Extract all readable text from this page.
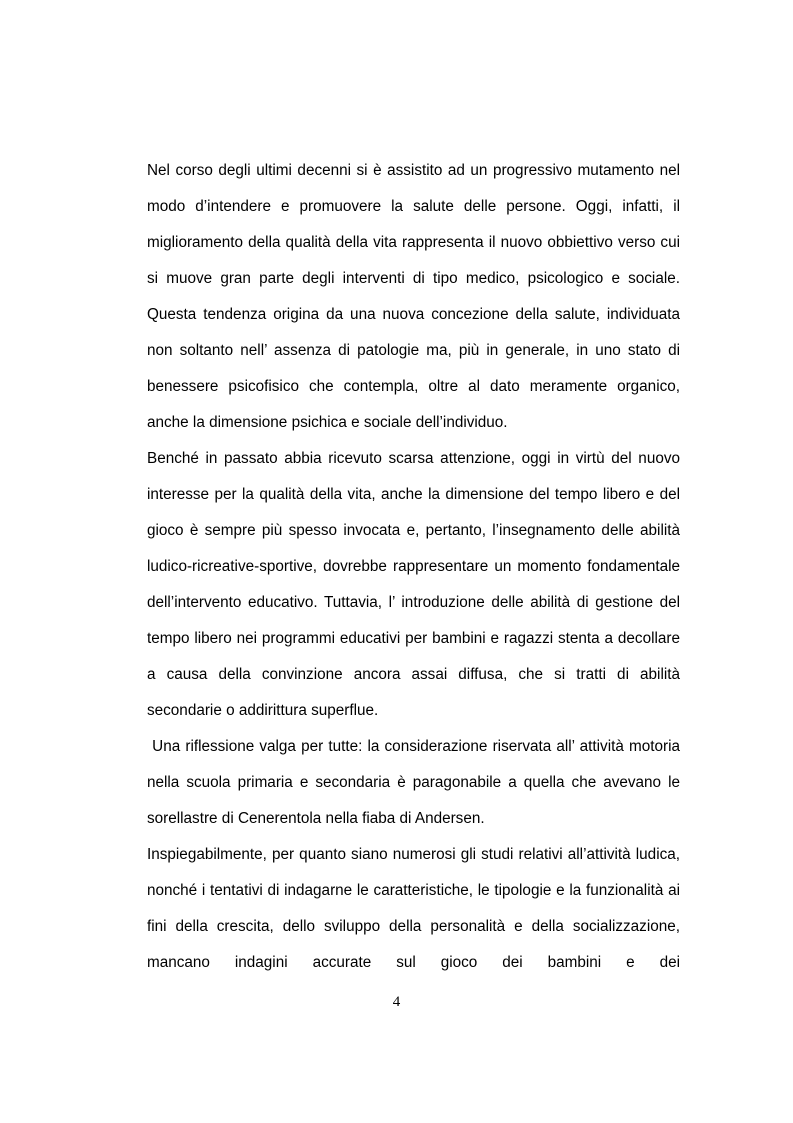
Nel corso degli ultimi decenni si è assistito ad un progressivo mutamento nel modo d’intendere e promuovere la salute delle persone. Oggi, infatti, il miglioramento della qualità della vita rappresenta il nuovo obbiettivo verso cui si muove gran parte degli interventi di tipo medico, psicologico e sociale. Questa tendenza origina da una nuova concezione della salute, individuata non soltanto nell’ assenza di patologie ma, più in generale, in uno stato di benessere psicofisico che contempla, oltre al dato meramente organico, anche la dimensione psichica e sociale dell’individuo.

Benché in passato abbia ricevuto scarsa attenzione, oggi in virtù del nuovo interesse per la qualità della vita, anche la dimensione del tempo libero e del gioco è sempre più spesso invocata e, pertanto, l’insegnamento delle abilità ludico-ricreative-sportive, dovrebbe rappresentare un momento fondamentale dell’intervento educativo. Tuttavia, l’ introduzione delle abilità di gestione del tempo libero nei programmi educativi per bambini e ragazzi stenta a decollare a causa della convinzione ancora assai diffusa, che si tratti di abilità secondarie o addirittura superflue.

Una riflessione valga per tutte: la considerazione riservata all’ attività motoria nella scuola primaria e secondaria è paragonabile a quella che avevano le sorellastre di Cenerentola nella fiaba di Andersen.

Inspiegabilmente, per quanto siano numerosi gli studi relativi all’attività ludica, nonché i tentativi di indagarne le caratteristiche, le tipologie e la funzionalità ai fini della crescita, dello sviluppo della personalità e della socializzazione, mancano indagini accurate sul gioco dei bambini e dei

4
